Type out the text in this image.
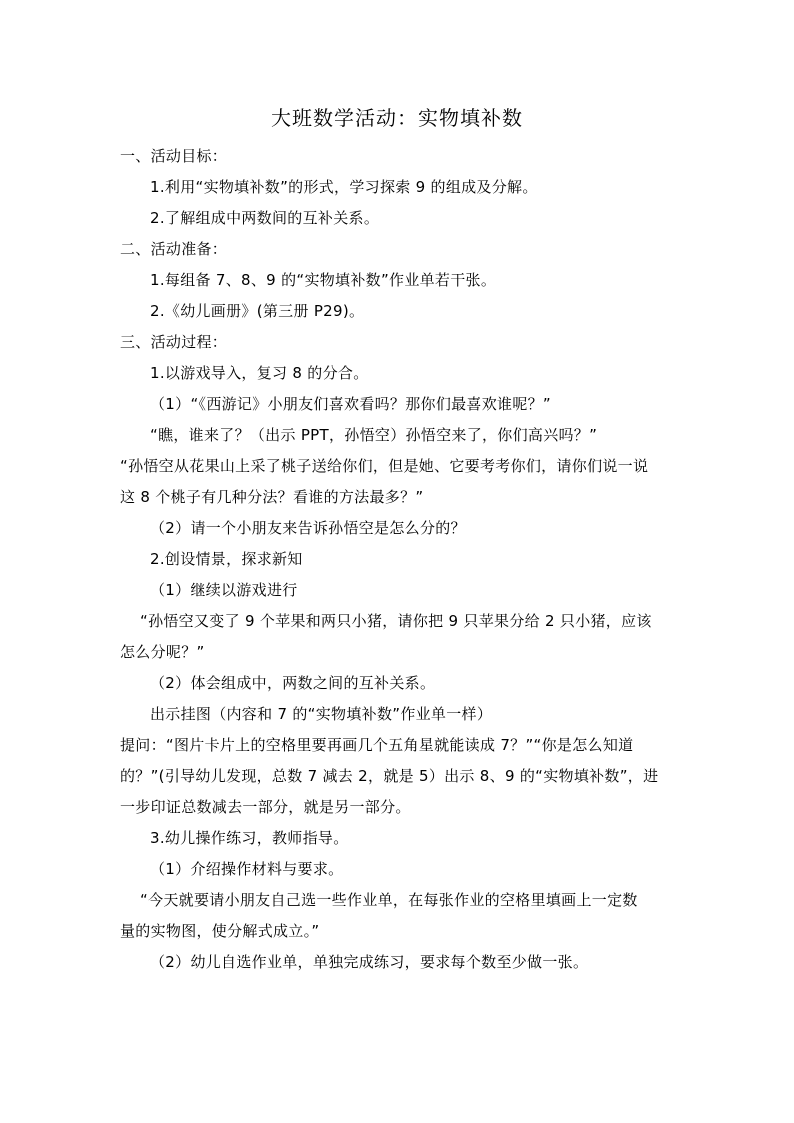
大班数学活动：实物填补数
一、活动目标：
1.利用“实物填补数”的形式，学习探索 9 的组成及分解。
2.了解组成中两数间的互补关系。
二、活动准备：
1.每组备 7、8、9 的“实物填补数”作业单若干张。
2.《幼儿画册》(第三册 P29)。
三、活动过程：
1.以游戏导入，复习 8 的分合。
（1）“《西游记》小朋友们喜欢看吗？那你们最喜欢谁呢？”
“瞧，谁来了？（出示 PPT，孙悟空）孙悟空来了，你们高兴吗？”
“孙悟空从花果山上采了桃子送给你们，但是她、它要考考你们，请你们说一说
这 8 个桃子有几种分法？看谁的方法最多？”
（2）请一个小朋友来告诉孙悟空是怎么分的？
2.创设情景，探求新知
（1）继续以游戏进行
“孙悟空又变了 9 个苹果和两只小猪，请你把 9 只苹果分给 2 只小猪，应该
怎么分呢？”
（2）体会组成中，两数之间的互补关系。
出示挂图（内容和 7 的“实物填补数”作业单一样）
提问：“图片卡片上的空格里要再画几个五角星就能读成 7？”“你是怎么知道
的？”(引导幼儿发现，总数 7 减去 2，就是 5）出示 8、9 的“实物填补数”，进
一步印证总数减去一部分，就是另一部分。
3.幼儿操作练习，教师指导。
（1）介绍操作材料与要求。
“今天就要请小朋友自己选一些作业单，在每张作业的空格里填画上一定数
量的实物图，使分解式成立。”
（2）幼儿自选作业单，单独完成练习，要求每个数至少做一张。
